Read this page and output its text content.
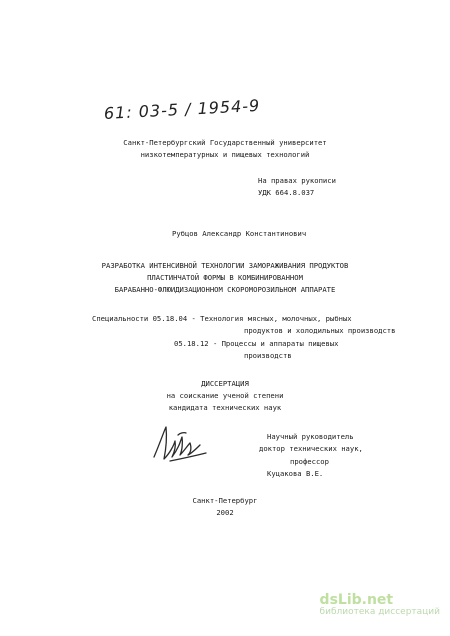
61: 03-5 / 1954-9
Санкт-Петербургский Государственный университет
низкотемпературных и пищевых технологий
На правах рукописи
УДК 664.8.037
Рубцов Александр Константинович
РАЗРАБОТКА ИНТЕНСИВНОЙ ТЕХНОЛОГИИ ЗАМОРАЖИВАНИЯ ПРОДУКТОВ
ПЛАСТИНЧАТОЙ ФОРМЫ В КОМБИНИРОВАННОМ
БАРАБАННО-ФЛЮИДИЗАЦИОННОМ СКОРОМОРОЗИЛЬНОМ АППАРАТЕ
Специальности 05.18.04 - Технология мясных, молочных, рыбных
продуктов и холодильных производств
05.18.12 - Процессы и аппараты пищевых
производств
ДИССЕРТАЦИЯ
на соискание ученой степени
кандидата технических наук
Научный руководитель
доктор технических наук,
профессор
Куцакова В.Е.
Санкт-Петербург
2002
dsLib.net
библиотека диссертаций
